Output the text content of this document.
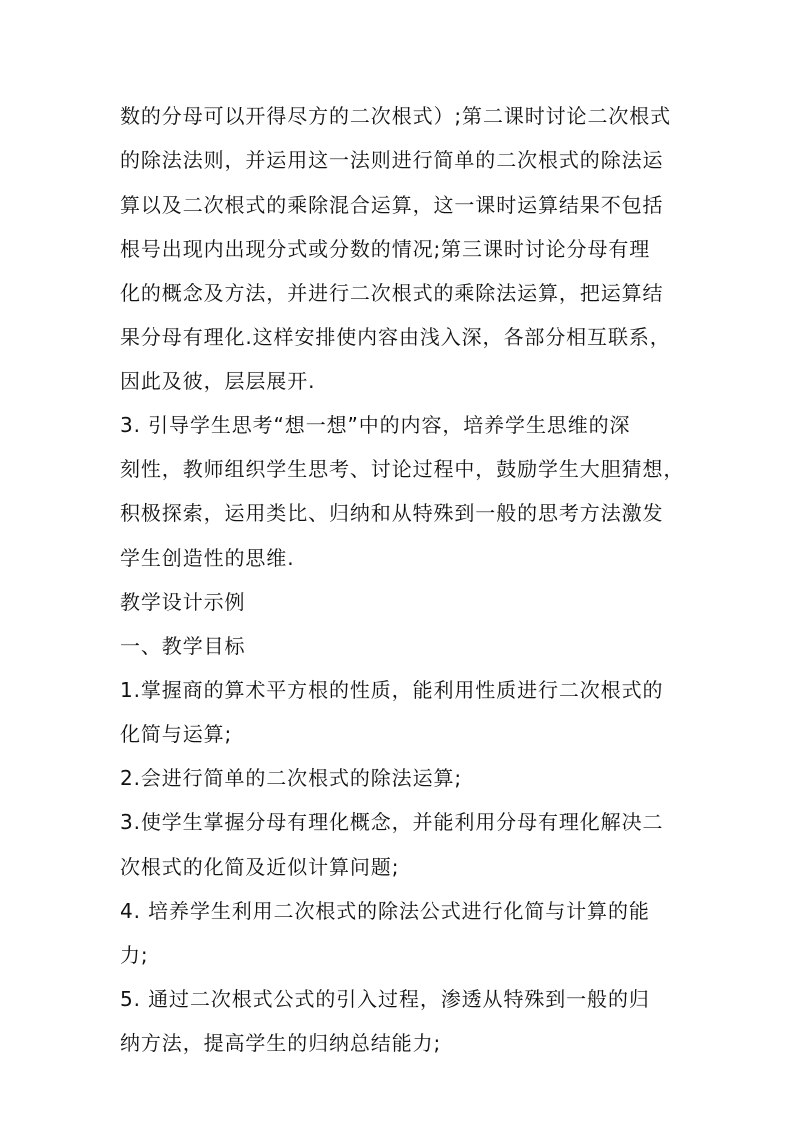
数的分母可以开得尽方的二次根式）;第二课时讨论二次根式
的除法法则，并运用这一法则进行简单的二次根式的除法运
算以及二次根式的乘除混合运算，这一课时运算结果不包括
根号出现内出现分式或分数的情况;第三课时讨论分母有理
化的概念及方法，并进行二次根式的乘除法运算，把运算结
果分母有理化.这样安排使内容由浅入深，各部分相互联系，
因此及彼，层层展开.
3. 引导学生思考“想一想”中的内容，培养学生思维的深
刻性，教师组织学生思考、讨论过程中，鼓励学生大胆猜想，
积极探索，运用类比、归纳和从特殊到一般的思考方法激发
学生创造性的思维.
教学设计示例
一、教学目标
1.掌握商的算术平方根的性质，能利用性质进行二次根式的
化简与运算;
2.会进行简单的二次根式的除法运算;
3.使学生掌握分母有理化概念，并能利用分母有理化解决二
次根式的化简及近似计算问题;
4. 培养学生利用二次根式的除法公式进行化简与计算的能
力;
5. 通过二次根式公式的引入过程，渗透从特殊到一般的归
纳方法，提高学生的归纳总结能力;
